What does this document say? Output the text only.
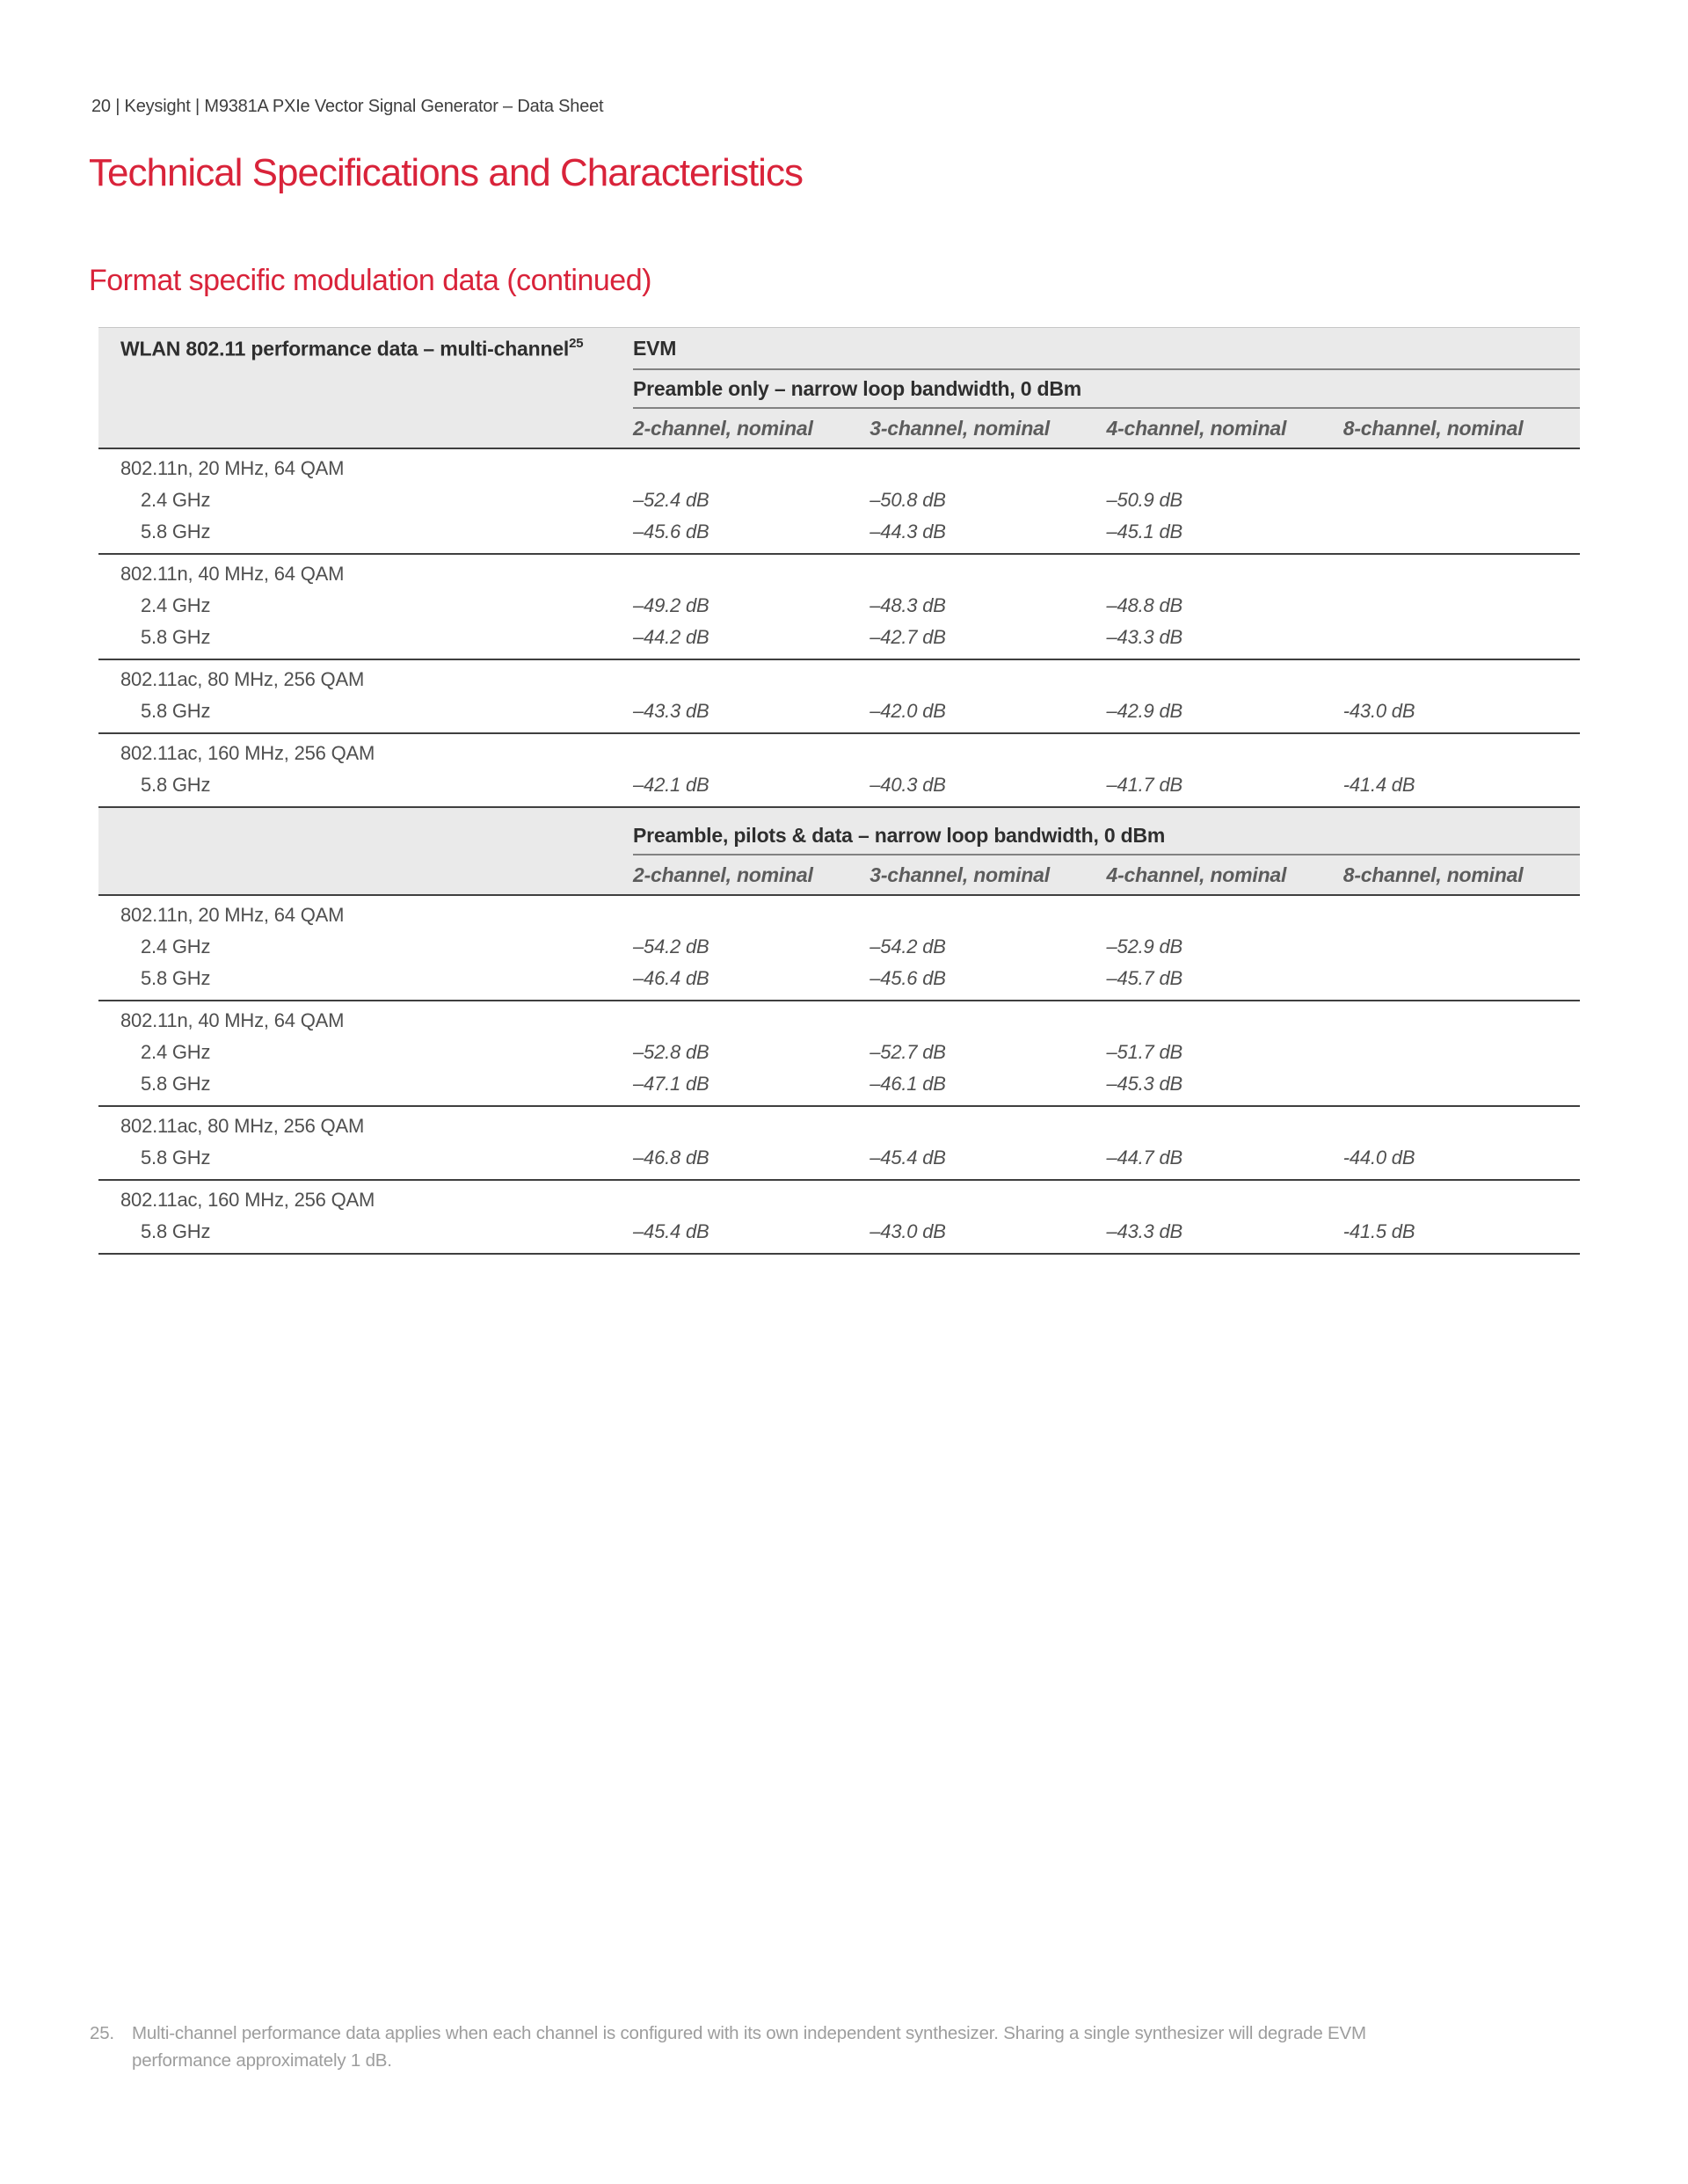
20 | Keysight | M9381A PXIe Vector Signal Generator – Data Sheet
Technical Specifications and Characteristics
Format specific modulation data (continued)
WLAN 802.11 performance data – multi-channel$^{25}$	EVM
Preamble only – narrow loop bandwidth, 0 dBm
2-channel, nominal	3-channel, nominal	4-channel, nominal	8-channel, nominal
802.11n, 20 MHz, 64 QAM
2.4 GHz	–52.4 dB	–50.8 dB	–50.9 dB
5.8 GHz	–45.6 dB	–44.3 dB	–45.1 dB
802.11n, 40 MHz, 64 QAM
2.4 GHz	–49.2 dB	–48.3 dB	–48.8 dB
5.8 GHz	–44.2 dB	–42.7 dB	–43.3 dB
802.11ac, 80 MHz, 256 QAM
5.8 GHz	–43.3 dB	–42.0 dB	–42.9 dB	-43.0 dB
802.11ac, 160 MHz, 256 QAM
5.8 GHz	–42.1 dB	–40.3 dB	–41.7 dB	-41.4 dB
Preamble, pilots & data – narrow loop bandwidth, 0 dBm
2-channel, nominal	3-channel, nominal	4-channel, nominal	8-channel, nominal
802.11n, 20 MHz, 64 QAM
2.4 GHz	–54.2 dB	–54.2 dB	–52.9 dB
5.8 GHz	–46.4 dB	–45.6 dB	–45.7 dB
802.11n, 40 MHz, 64 QAM
2.4 GHz	–52.8 dB	–52.7 dB	–51.7 dB
5.8 GHz	–47.1 dB	–46.1 dB	–45.3 dB
802.11ac, 80 MHz, 256 QAM
5.8 GHz	–46.8 dB	–45.4 dB	–44.7 dB	-44.0 dB
802.11ac, 160 MHz, 256 QAM
5.8 GHz	–45.4 dB	–43.0 dB	–43.3 dB	-41.5 dB
25. Multi-channel performance data applies when each channel is configured with its own independent synthesizer. Sharing a single synthesizer will degrade EVM performance approximately 1 dB.
